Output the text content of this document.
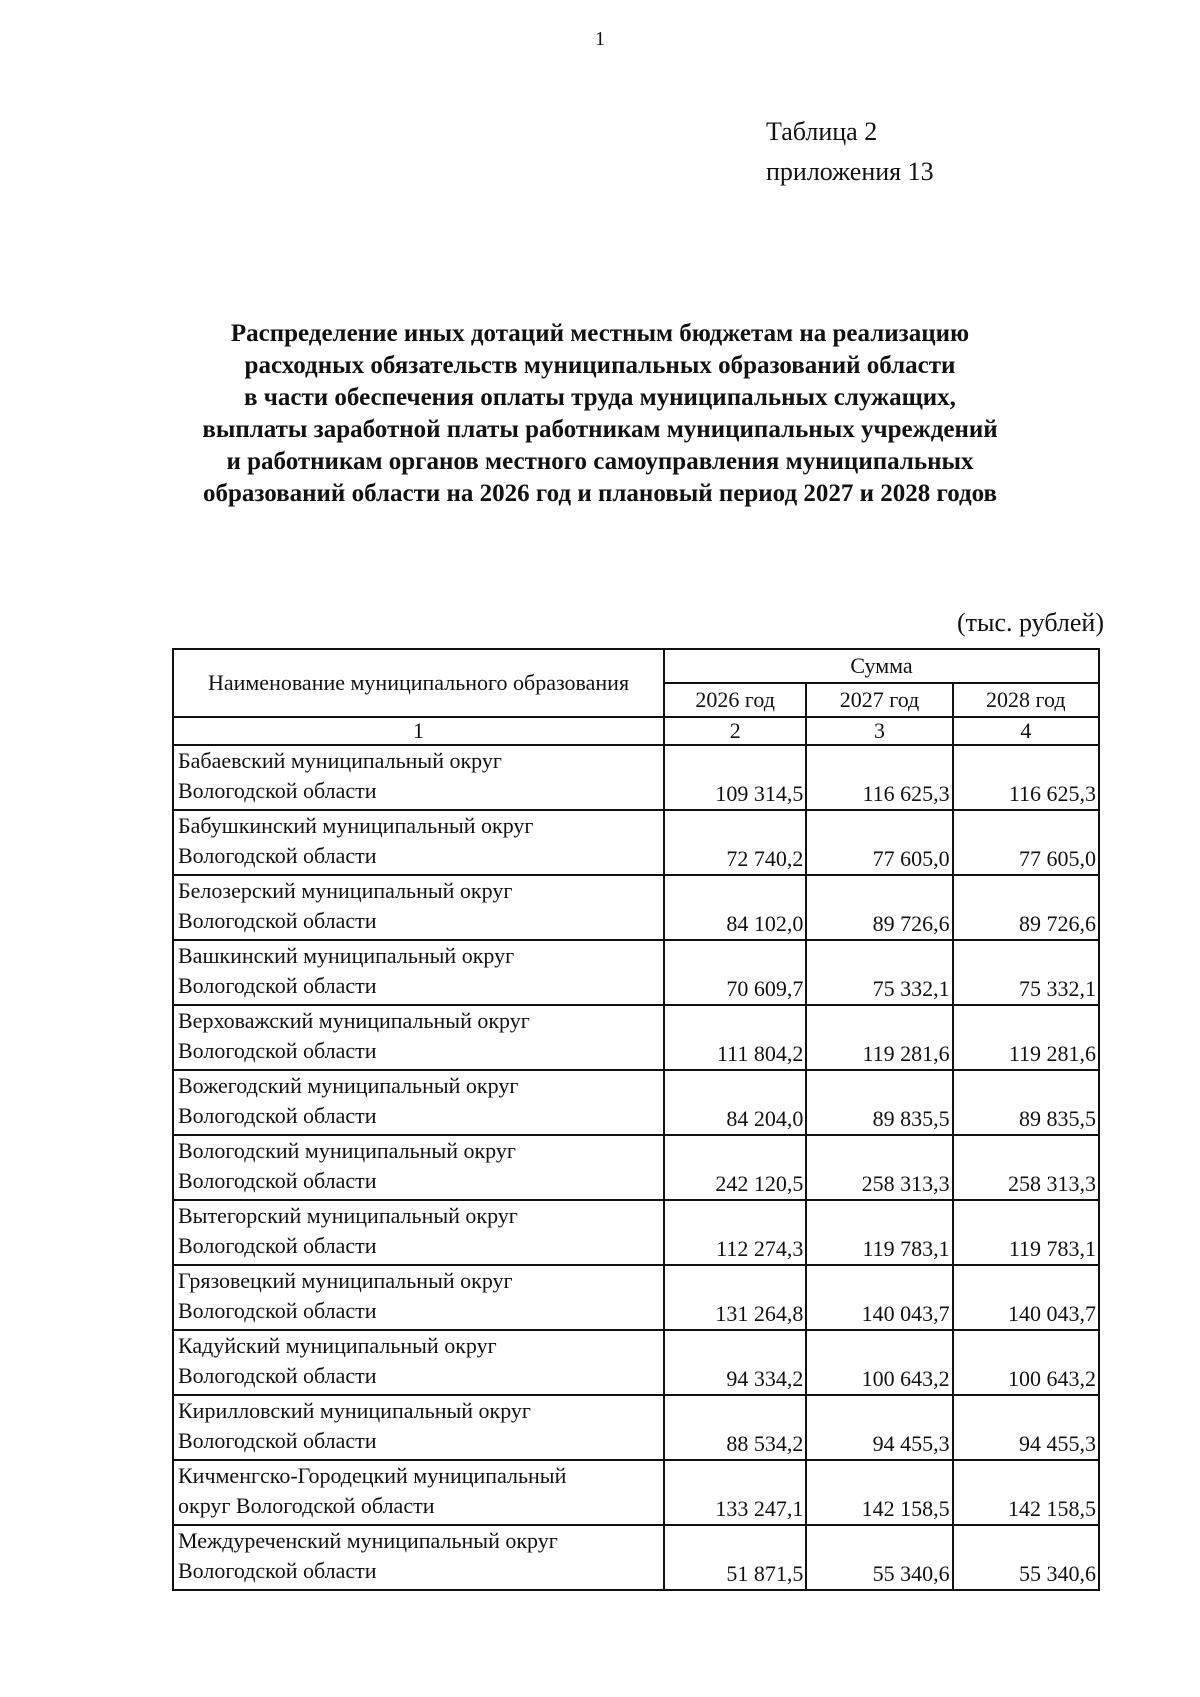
1
Таблица 2
приложения 13
Распределение иных дотаций местным бюджетам на реализацию
расходных обязательств муниципальных образований области
в части обеспечения оплаты труда муниципальных служащих,
выплаты заработной платы работникам муниципальных учреждений
и работникам органов местного самоуправления муниципальных
образований области на 2026 год и плановый период 2027 и 2028 годов
(тыс. рублей)
Наименование муниципального образования	Сумма		
	2026 год	2027 год	2028 год
1	2	3	4

Бабаевский муниципальный округ
Вологодской области	109 314,5	116 625,3	116 625,3

Бабушкинский муниципальный округ
Вологодской области	72 740,2	77 605,0	77 605,0

Белозерский муниципальный округ
Вологодской области	84 102,0	89 726,6	89 726,6

Вашкинский муниципальный округ
Вологодской области	70 609,7	75 332,1	75 332,1

Верховажский муниципальный округ
Вологодской области	111 804,2	119 281,6	119 281,6

Вожегодский муниципальный округ
Вологодской области	84 204,0	89 835,5	89 835,5

Вологодский муниципальный округ
Вологодской области	242 120,5	258 313,3	258 313,3

Вытегорский муниципальный округ
Вологодской области	112 274,3	119 783,1	119 783,1

Грязовецкий муниципальный округ
Вологодской области	131 264,8	140 043,7	140 043,7

Кадуйский муниципальный округ
Вологодской области	94 334,2	100 643,2	100 643,2

Кирилловский муниципальный округ
Вологодской области	88 534,2	94 455,3	94 455,3

Кичменгско-Городецкий муниципальный
округ Вологодской области	133 247,1	142 158,5	142 158,5

Междуреченский муниципальный округ
Вологодской области	51 871,5	55 340,6	55 340,6
